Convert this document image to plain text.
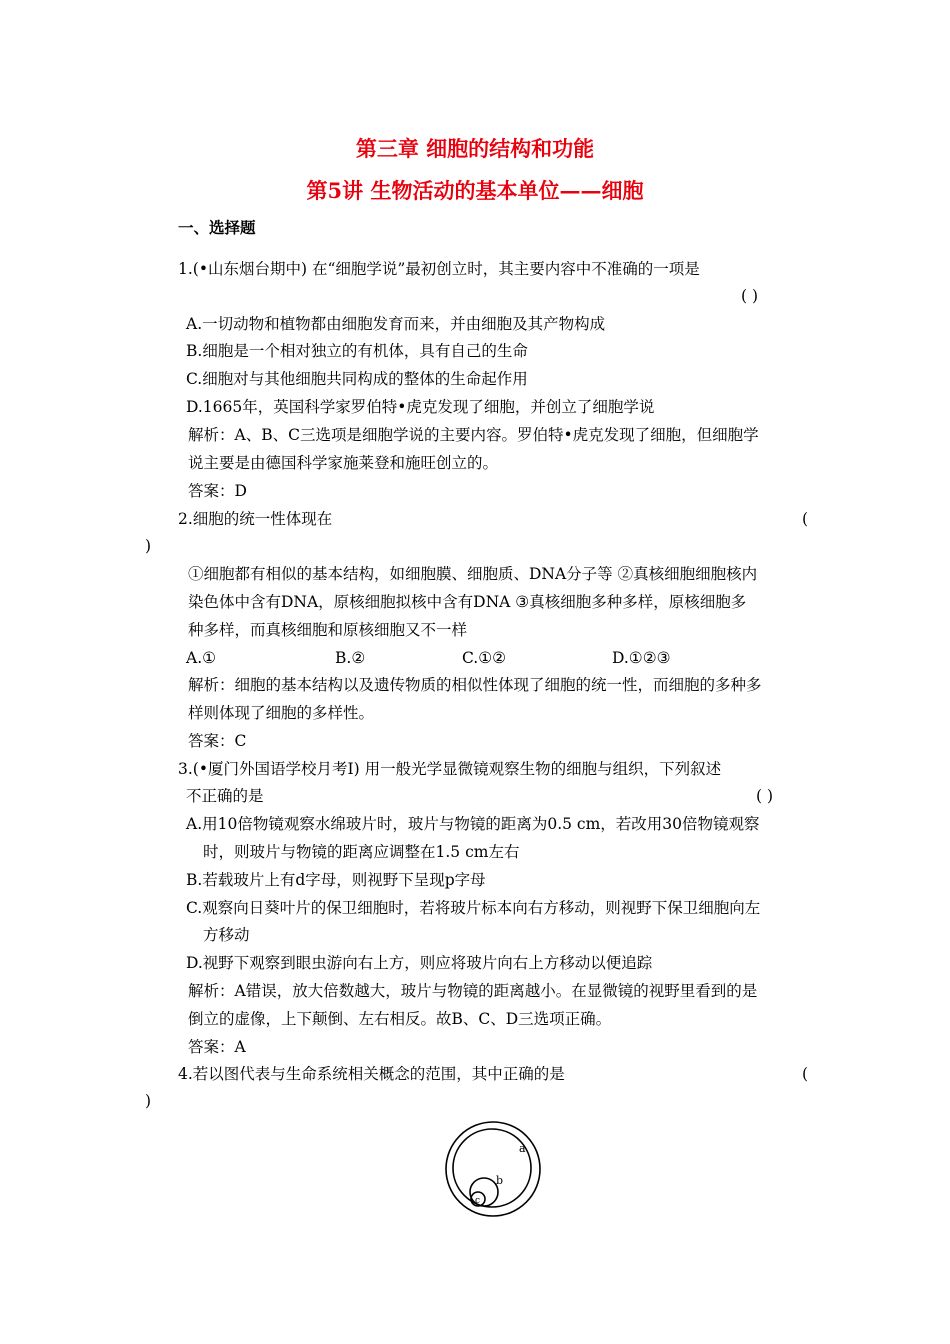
第三章 细胞的结构和功能
第5讲 生物活动的基本单位——细胞
一、选择题
1.(•山东烟台期中) 在“细胞学说”最初创立时，其主要内容中不准确的一项是
( )
A.一切动物和植物都由细胞发育而来，并由细胞及其产物构成
B.细胞是一个相对独立的有机体，具有自己的生命
C.细胞对与其他细胞共同构成的整体的生命起作用
D.1665年，英国科学家罗伯特•虎克发现了细胞，并创立了细胞学说
解析：A、B、C三选项是细胞学说的主要内容。罗伯特•虎克发现了细胞，但细胞学
说主要是由德国科学家施莱登和施旺创立的。
答案：D
2.细胞的统一性体现在	(
)
①细胞都有相似的基本结构，如细胞膜、细胞质、DNA分子等 ②真核细胞细胞核内
染色体中含有DNA，原核细胞拟核中含有DNA ③真核细胞多种多样，原核细胞多
种多样，而真核细胞和原核细胞又不一样
A.①	B.②	C.①②	D.①②③
解析：细胞的基本结构以及遗传物质的相似性体现了细胞的统一性，而细胞的多种多
样则体现了细胞的多样性。
答案：C
3.(•厦门外国语学校月考Ⅰ) 用一般光学显微镜观察生物的细胞与组织，下列叙述
不正确的是	( )
A.用10倍物镜观察水绵玻片时，玻片与物镜的距离为0.5 cm，若改用30倍物镜观察
时，则玻片与物镜的距离应调整在1.5 cm左右
B.若载玻片上有d字母，则视野下呈现p字母
C.观察向日葵叶片的保卫细胞时，若将玻片标本向右方移动，则视野下保卫细胞向左
方移动
D.视野下观察到眼虫游向右上方，则应将玻片向右上方移动以便追踪
解析：A错误，放大倍数越大，玻片与物镜的距离越小。在显微镜的视野里看到的是
倒立的虚像，上下颠倒、左右相反。故B、C、D三选项正确。
答案：A
4.若以图代表与生命系统相关概念的范围，其中正确的是	(
)
a
b
c
